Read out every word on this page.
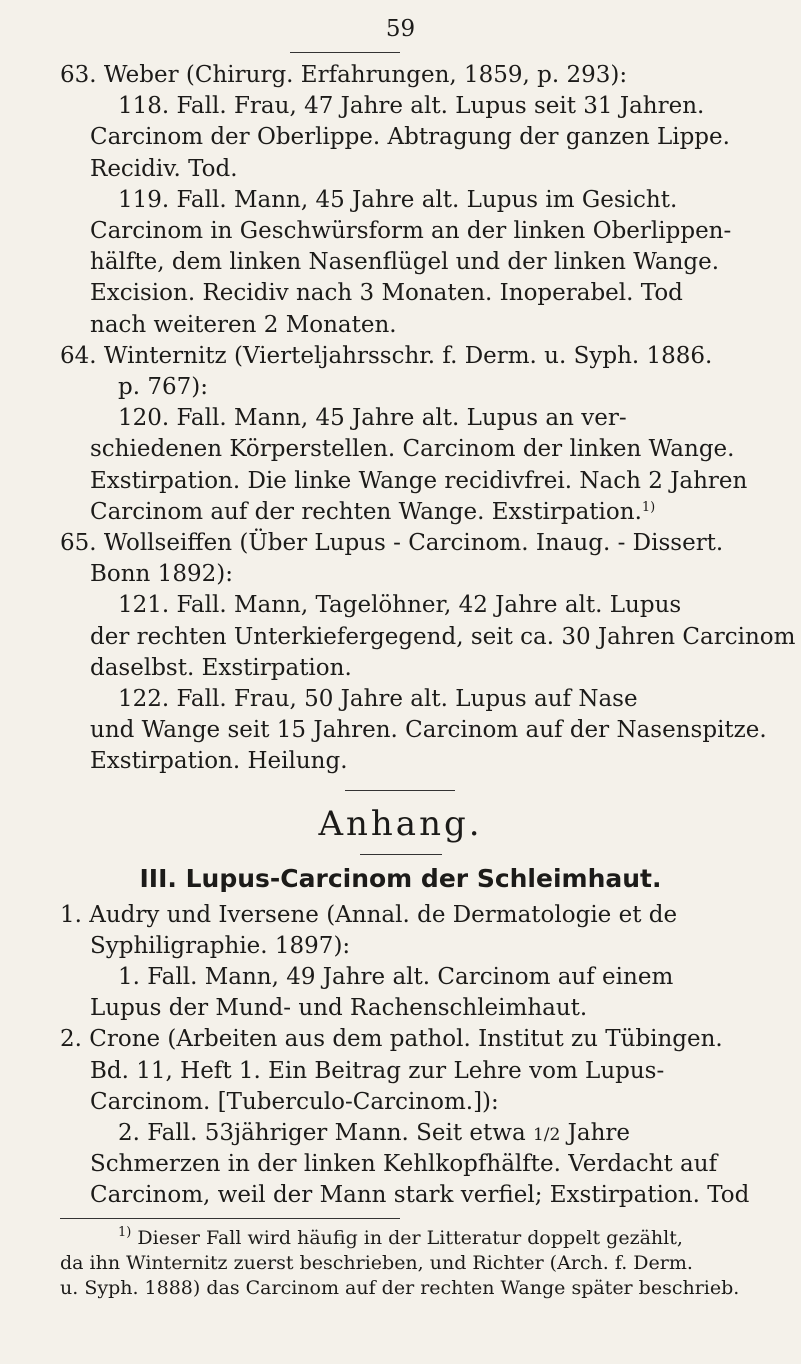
59
63. Weber (Chirurg. Erfahrungen, 1859, p. 293):
118. Fall. Frau, 47 Jahre alt. Lupus seit 31 Jahren.
Carcinom der Oberlippe. Abtragung der ganzen Lippe.
Recidiv. Tod.
119. Fall. Mann, 45 Jahre alt. Lupus im Gesicht.
Carcinom in Geschwürsform an der linken Oberlippen-
hälfte, dem linken Nasenflügel und der linken Wange.
Excision. Recidiv nach 3 Monaten. Inoperabel. Tod
nach weiteren 2 Monaten.
64. Winternitz (Vierteljahrsschr. f. Derm. u. Syph. 1886.
p. 767):
120. Fall. Mann, 45 Jahre alt. Lupus an ver-
schiedenen Körperstellen. Carcinom der linken Wange.
Exstirpation. Die linke Wange recidivfrei. Nach 2 Jahren
Carcinom auf der rechten Wange. Exstirpation.$^{1)}$
65. Wollseiffen (Über Lupus - Carcinom. Inaug. - Dissert.
Bonn 1892):
121. Fall. Mann, Tagelöhner, 42 Jahre alt. Lupus
der rechten Unterkiefergegend, seit ca. 30 Jahren Carcinom
daselbst. Exstirpation.
122. Fall. Frau, 50 Jahre alt. Lupus auf Nase
und Wange seit 15 Jahren. Carcinom auf der Nasenspitze.
Exstirpation. Heilung.
Anhang.
III. Lupus-Carcinom der Schleimhaut.
1. Audry und Iversene (Annal. de Dermatologie et de
Syphiligraphie. 1897):
1. Fall. Mann, 49 Jahre alt. Carcinom auf einem
Lupus der Mund- und Rachenschleimhaut.
2. Crone (Arbeiten aus dem pathol. Institut zu Tübingen.
Bd. 11, Heft 1. Ein Beitrag zur Lehre vom Lupus-
Carcinom. [Tuberculo-Carcinom.]):
2. Fall. 53jähriger Mann. Seit etwa 1/2 Jahre
Schmerzen in der linken Kehlkopfhälfte. Verdacht auf
Carcinom, weil der Mann stark verfiel; Exstirpation. Tod
$^{1)}$ Dieser Fall wird häufig in der Litteratur doppelt gezählt,
da ihn Winternitz zuerst beschrieben, und Richter (Arch. f. Derm.
u. Syph. 1888) das Carcinom auf der rechten Wange später beschrieb.
